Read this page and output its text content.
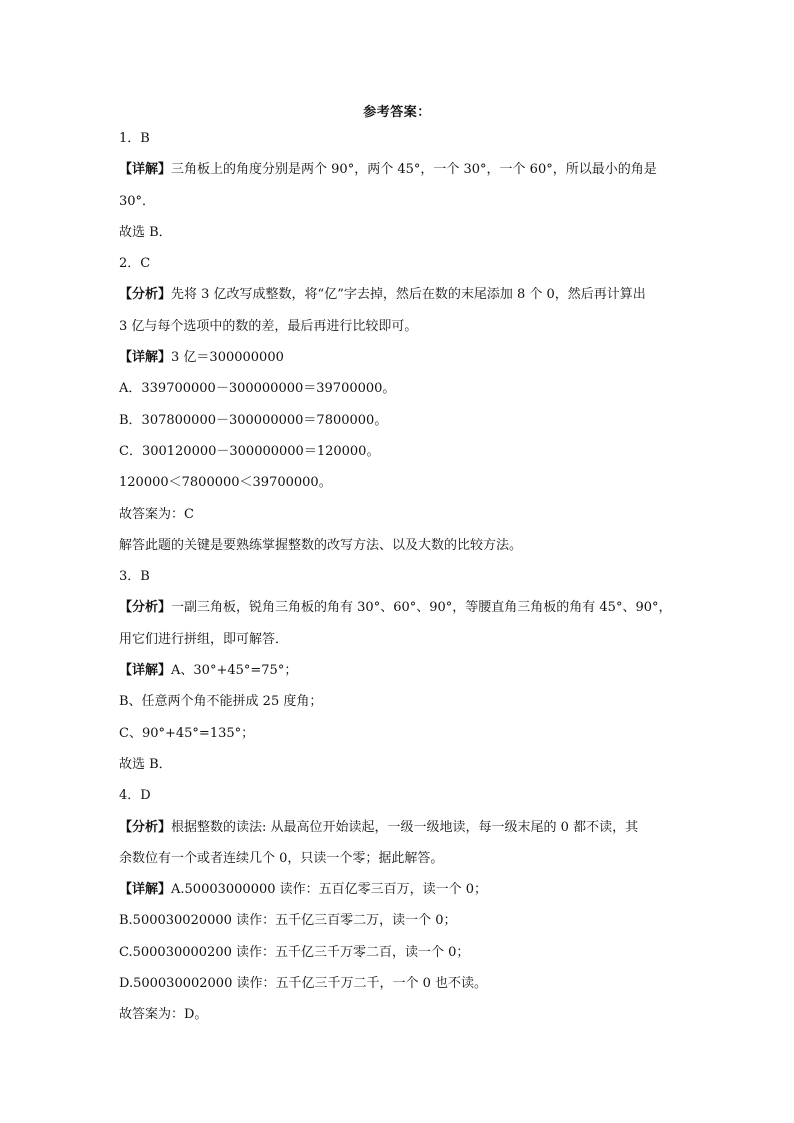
参考答案：
1．B
【详解】三角板上的角度分别是两个 90°，两个 45°，一个 30°，一个 60°，所以最小的角是
30°．
故选 B．
2．C
【分析】先将 3 亿改写成整数，将“亿”字去掉，然后在数的末尾添加 8 个 0，然后再计算出
3 亿与每个选项中的数的差，最后再进行比较即可。
【详解】3 亿＝300000000
A．339700000－300000000＝39700000。
B．307800000－300000000＝7800000。
C．300120000－300000000＝120000。
120000＜7800000＜39700000。
故答案为：C
解答此题的关键是要熟练掌握整数的改写方法、以及大数的比较方法。
3．B
【分析】一副三角板，锐角三角板的角有 30°、60°、90°，等腰直角三角板的角有 45°、90°，
用它们进行拼组，即可解答．
【详解】A、30°+45°=75°；
B、任意两个角不能拼成 25 度角；
C、90°+45°=135°；
故选 B．
4．D
【分析】根据整数的读法: 从最高位开始读起，一级一级地读，每一级末尾的 0 都不读，其
余数位有一个或者连续几个 0，只读一个零；据此解答。
【详解】A.50003000000 读作：五百亿零三百万，读一个 0；
B.500030020000 读作：五千亿三百零二万，读一个 0；
C.500030000200 读作：五千亿三千万零二百，读一个 0；
D.500030002000 读作：五千亿三千万二千，一个 0 也不读。
故答案为：D。
